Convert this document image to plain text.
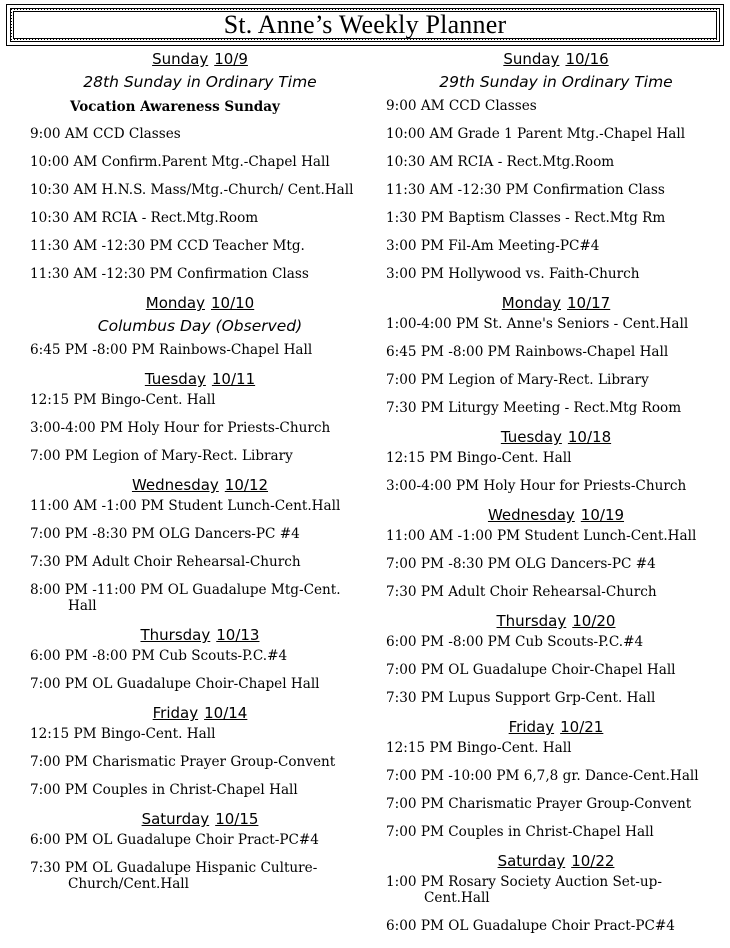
St. Anne’s Weekly Planner
Sunday 10/9
28th Sunday in Ordinary Time
Vocation Awareness Sunday
9:00 AM CCD Classes
10:00 AM Confirm.Parent Mtg.-Chapel Hall
10:30 AM H.N.S. Mass/Mtg.-Church/ Cent.Hall
10:30 AM RCIA - Rect.Mtg.Room
11:30 AM -12:30 PM CCD Teacher Mtg.
11:30 AM -12:30 PM Confirmation Class
Monday 10/10
Columbus Day (Observed)
6:45 PM -8:00 PM Rainbows-Chapel Hall
Tuesday 10/11
12:15 PM Bingo-Cent. Hall
3:00-4:00 PM Holy Hour for Priests-Church
7:00 PM Legion of Mary-Rect. Library
Wednesday 10/12
11:00 AM -1:00 PM Student Lunch-Cent.Hall
7:00 PM -8:30 PM OLG Dancers-PC #4
7:30 PM Adult Choir Rehearsal-Church
8:00 PM -11:00 PM OL Guadalupe Mtg-Cent. Hall
Thursday 10/13
6:00 PM -8:00 PM Cub Scouts-P.C.#4
7:00 PM OL Guadalupe Choir-Chapel Hall
Friday 10/14
12:15 PM Bingo-Cent. Hall
7:00 PM Charismatic Prayer Group-Convent
7:00 PM Couples in Christ-Chapel Hall
Saturday 10/15
6:00 PM OL Guadalupe Choir Pract-PC#4
7:30 PM OL Guadalupe Hispanic Culture-Church/Cent.Hall
Sunday 10/16
29th Sunday in Ordinary Time
9:00 AM CCD Classes
10:00 AM Grade 1 Parent Mtg.-Chapel Hall
10:30 AM RCIA - Rect.Mtg.Room
11:30 AM -12:30 PM Confirmation Class
1:30 PM Baptism Classes - Rect.Mtg Rm
3:00 PM Fil-Am Meeting-PC#4
3:00 PM Hollywood vs. Faith-Church
Monday 10/17
1:00-4:00 PM St. Anne's Seniors - Cent.Hall
6:45 PM -8:00 PM Rainbows-Chapel Hall
7:00 PM Legion of Mary-Rect. Library
7:30 PM Liturgy Meeting - Rect.Mtg Room
Tuesday 10/18
12:15 PM Bingo-Cent. Hall
3:00-4:00 PM Holy Hour for Priests-Church
Wednesday 10/19
11:00 AM -1:00 PM Student Lunch-Cent.Hall
7:00 PM -8:30 PM OLG Dancers-PC #4
7:30 PM Adult Choir Rehearsal-Church
Thursday 10/20
6:00 PM -8:00 PM Cub Scouts-P.C.#4
7:00 PM OL Guadalupe Choir-Chapel Hall
7:30 PM Lupus Support Grp-Cent. Hall
Friday 10/21
12:15 PM Bingo-Cent. Hall
7:00 PM -10:00 PM 6,7,8 gr. Dance-Cent.Hall
7:00 PM Charismatic Prayer Group-Convent
7:00 PM Couples in Christ-Chapel Hall
Saturday 10/22
1:00 PM Rosary Society Auction Set-up-Cent.Hall
6:00 PM OL Guadalupe Choir Pract-PC#4
